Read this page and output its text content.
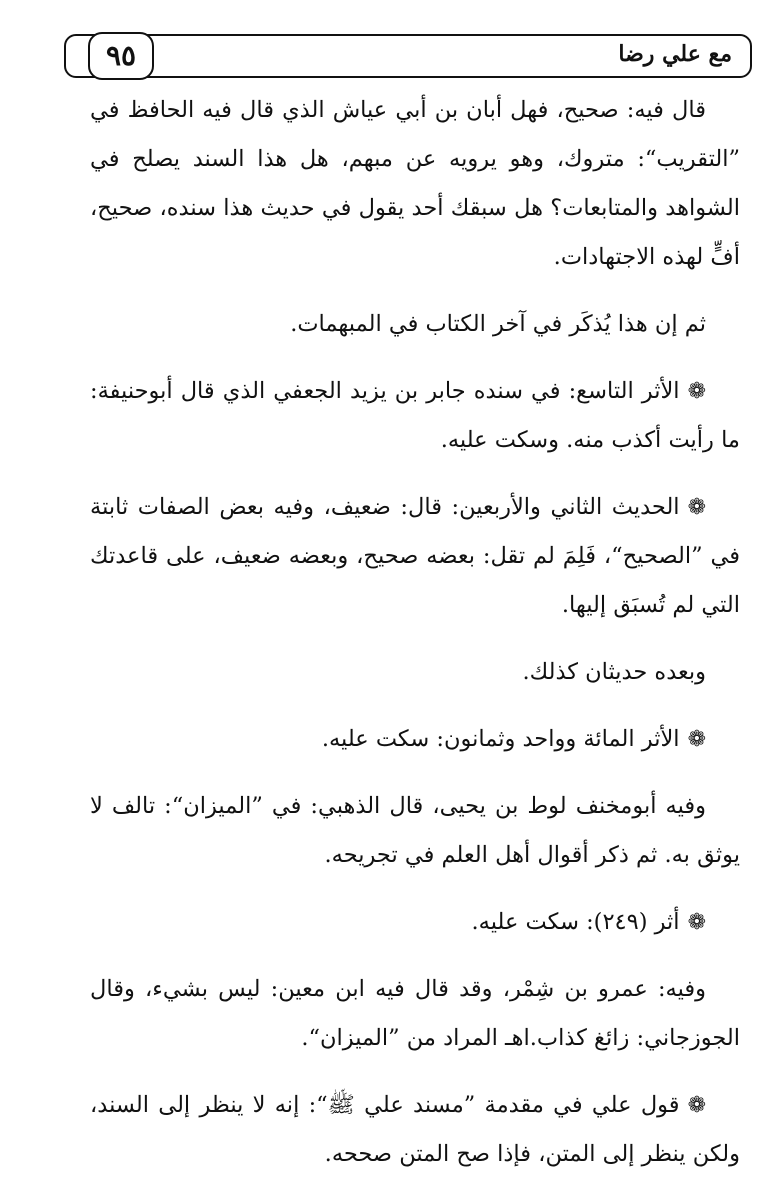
مع علي رضا
٩٥

قال فيه: صحيح، فهل أبان بن أبي عياش الذي قال فيه الحافظ في ”التقريب“: متروك، وهو يرويه عن مبهم، هل هذا السند يصلح في الشواهد والمتابعات؟ هل سبقك أحد يقول في حديث هذا سنده، صحيح، أفٍّ لهذه الاجتهادات.

ثم إن هذا يُذكَر في آخر الكتاب في المبهمات.

❁الأثر التاسع: في سنده جابر بن يزيد الجعفي الذي قال أبوحنيفة: ما رأيت أكذب منه. وسكت عليه.

❁الحديث الثاني والأربعين: قال: ضعيف، وفيه بعض الصفات ثابتة في ”الصحيح“، فَلِمَ لم تقل: بعضه صحيح، وبعضه ضعيف، على قاعدتك التي لم تُسبَق إليها.

وبعده حديثان كذلك.

❁الأثر المائة وواحد وثمانون: سكت عليه.

وفيه أبومخنف لوط بن يحيى، قال الذهبي: في ”الميزان“: تالف لا يوثق به. ثم ذكر أقوال أهل العلم في تجريحه.

❁أثر (٢٤٩): سكت عليه.

وفيه: عمرو بن شِمْر، وقد قال فيه ابن معين: ليس بشيء، وقال الجوزجاني: زائغ كذاب.اهـ المراد من ”الميزان“.

❁قول علي في مقدمة ”مسند علي ﷺ“: إنه لا ينظر إلى السند، ولكن ينظر إلى المتن، فإذا صح المتن صححه.
